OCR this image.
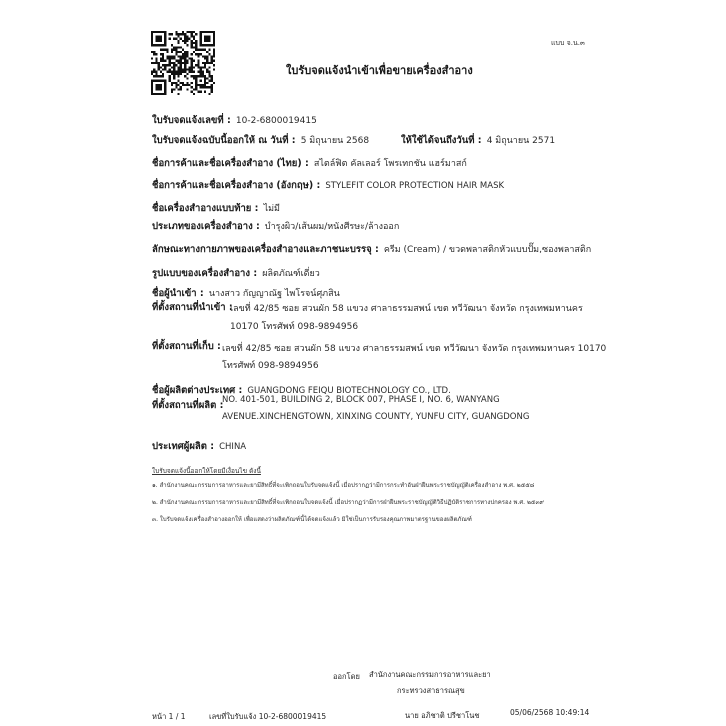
แบบ จ.น.๓
ใบรับจดแจ้งนำเข้าเพื่อขายเครื่องสำอาง
ใบรับจดแจ้งเลขที่ : 10-2-6800019415
ใบรับจดแจ้งฉบับนี้ออกให้ ณ วันที่ : 5 มิถุนายน 2568	ให้ใช้ได้จนถึงวันที่ : 4 มิถุนายน 2571
ชื่อการค้าและชื่อเครื่องสำอาง (ไทย) : สไตล์ฟิต คัลเลอร์ โพรเทกชัน แฮร์มาสก์
ชื่อการค้าและชื่อเครื่องสำอาง (อังกฤษ) : STYLEFIT COLOR PROTECTION HAIR MASK
ชื่อเครื่องสำอางแบบท้าย : ไม่มี
ประเภทของเครื่องสำอาง : บำรุงผิว/เส้นผม/หนังศีรษะ/ล้างออก
ลักษณะทางกายภาพของเครื่องสำอางและภาชนะบรรจุ : ครีม (Cream) / ขวดพลาสติกหัวแบบปั๊ม,ซองพลาสติก
รูปแบบของเครื่องสำอาง : ผลิตภัณฑ์เดี่ยว
ชื่อผู้นำเข้า : นางสาว กัญญาณัฐ ไพโรจน์ศุภสิน
ที่ตั้งสถานที่นำเข้า :
เลขที่ 42/85 ซอย สวนผัก 58 แขวง ศาลาธรรมสพน์ เขต ทวีวัฒนา จังหวัด กรุงเทพมหานคร
10170 โทรศัพท์ 098-9894956
ที่ตั้งสถานที่เก็บ : เลขที่ 42/85 ซอย สวนผัก 58 แขวง ศาลาธรรมสพน์ เขต ทวีวัฒนา จังหวัด กรุงเทพมหานคร 10170
โทรศัพท์ 098-9894956
ชื่อผู้ผลิตต่างประเทศ : GUANGDONG FEIQU BIOTECHNOLOGY CO., LTD.
ที่ตั้งสถานที่ผลิต :
NO. 401-501, BUILDING 2, BLOCK 007, PHASE I, NO. 6, WANYANG
AVENUE.XINCHENGTOWN, XINXING COUNTY, YUNFU CITY, GUANGDONG
ประเทศผู้ผลิต : CHINA
ใบรับจดแจ้งนี้ออกให้โดยมีเงื่อนไข ดังนี้
๑. สำนักงานคณะกรรมการอาหารและยามีสิทธิ์ที่จะเพิกถอนใบรับจดแจ้งนี้ เมื่อปรากฏว่ามีการกระทำอันฝ่าฝืนพระราชบัญญัติเครื่องสำอาง พ.ศ. ๒๕๕๘
๒. สำนักงานคณะกรรมการอาหารและยามีสิทธิ์ที่จะเพิกถอนใบจดแจ้งนี้ เมื่อปรากฏว่ามีการฝ่าฝืนพระราชบัญญัติวิธีปฏิบัติราชการทางปกครอง พ.ศ. ๒๕๓๙
๓. ใบรับจดแจ้งเครื่องสำอางออกให้ เพื่อแสดงว่าผลิตภัณฑ์นี้ได้จดแจ้งแล้ว มิใช่เป็นการรับรองคุณภาพมาตรฐานของผลิตภัณฑ์
ออกโดย สำนักงานคณะกรรมการอาหารและยา
กระทรวงสาธารณสุข
หน้า 1 / 1	เลขที่ใบรับแจ้ง 10-2-6800019415	นาย อภิชาติ ปรีชาโนช	05/06/2568 10:49:14
